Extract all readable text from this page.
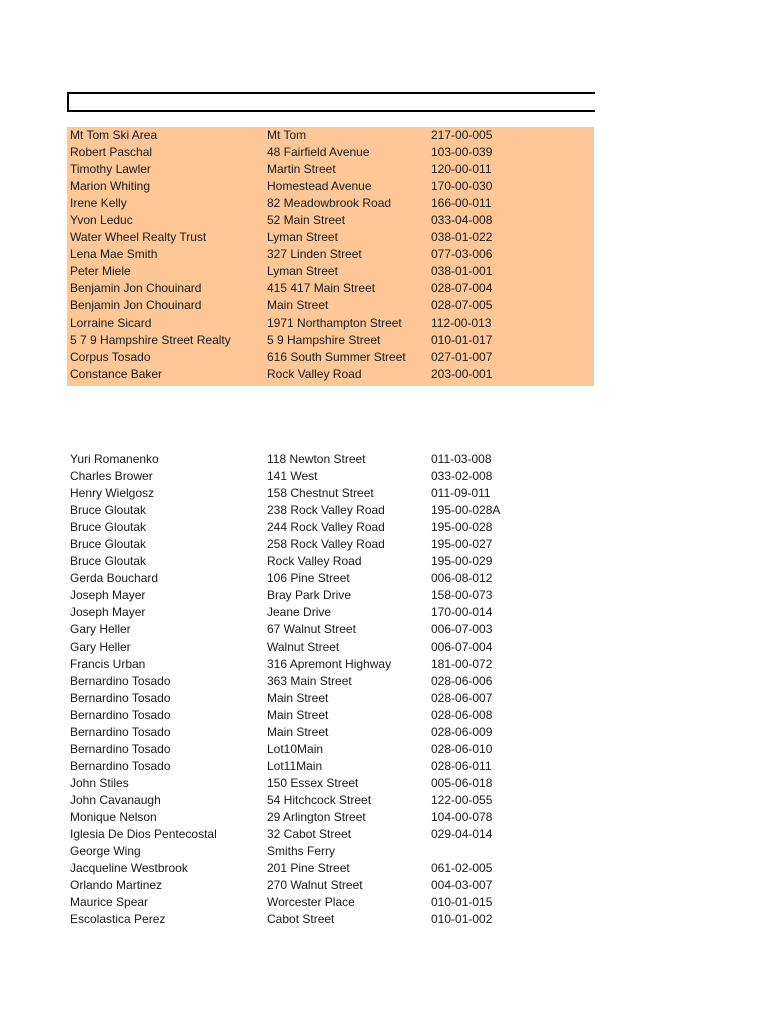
Mt Tom Ski Area	Mt Tom	217-00-005
Robert Paschal	48 Fairfield Avenue	103-00-039
Timothy Lawler	Martin Street	120-00-011
Marion Whiting	Homestead Avenue	170-00-030
Irene Kelly	82 Meadowbrook Road	166-00-011
Yvon Leduc	52 Main Street	033-04-008
Water Wheel Realty Trust	Lyman Street	038-01-022
Lena Mae Smith	327 Linden Street	077-03-006
Peter Miele	Lyman Street	038-01-001
Benjamin Jon Chouinard	415 417 Main Street	028-07-004
Benjamin Jon Chouinard	Main Street	028-07-005
Lorraine Sicard	1971 Northampton Street 112-00-013
5 7 9 Hampshire Street Realty	5 9 Hampshire Street	010-01-017
Corpus Tosado	616 South Summer Street 027-01-007
Constance Baker	Rock Valley Road	203-00-001
Yuri Romanenko	118 Newton Street	011-03-008
Charles Brower	141 West	033-02-008
Henry Wielgosz	158 Chestnut Street	011-09-011
Bruce Gloutak	238 Rock Valley Road	195-00-028A
Bruce Gloutak	244 Rock Valley Road	195-00-028
Bruce Gloutak	258 Rock Valley Road	195-00-027
Bruce Gloutak	Rock Valley Road	195-00-029
Gerda Bouchard	106 Pine Street	006-08-012
Joseph Mayer	Bray Park Drive	158-00-073
Joseph Mayer	Jeane Drive	170-00-014
Gary Heller	67 Walnut Street	006-07-003
Gary Heller	Walnut Street	006-07-004
Francis Urban	316 Apremont Highway	181-00-072
Bernardino Tosado	363 Main Street	028-06-006
Bernardino Tosado	Main Street	028-06-007
Bernardino Tosado	Main Street	028-06-008
Bernardino Tosado	Main Street	028-06-009
Bernardino Tosado	Lot10Main	028-06-010
Bernardino Tosado	Lot11Main	028-06-011
John Stiles	150 Essex Street	005-06-018
John Cavanaugh	54 Hitchcock Street	122-00-055
Monique Nelson	29 Arlington Street	104-00-078
Iglesia De Dios Pentecostal	32 Cabot Street	029-04-014
George Wing	Smiths Ferry
Jacqueline Westbrook	201 Pine Street	061-02-005
Orlando Martinez	270 Walnut Street	004-03-007
Maurice Spear	Worcester Place	010-01-015
Escolastica Perez	Cabot Street	010-01-002
